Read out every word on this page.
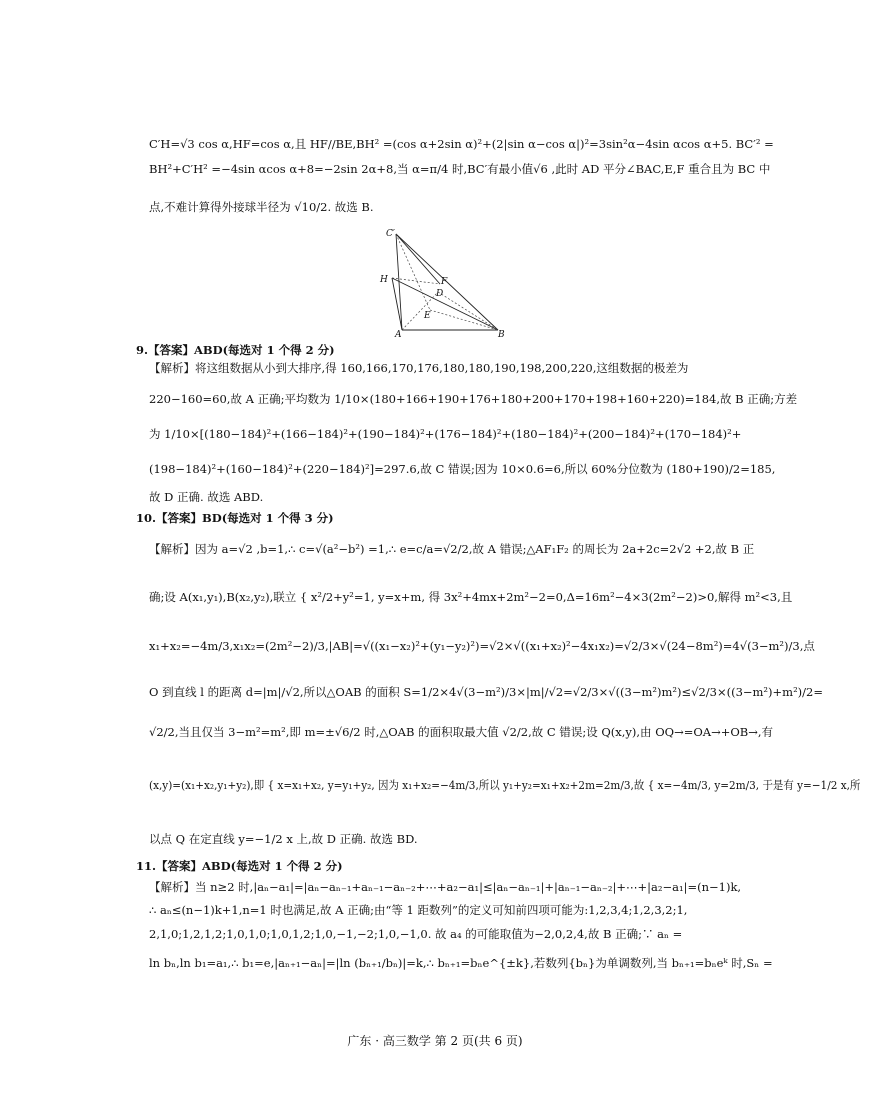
C′H=√3 cos α,HF=cos α,且 HF//BE,BH² =(cos α+2sin α)²+(2|sin α−cos α|)²=3sin²α−4sin αcos α+5. BC′² =
BH²+C′H² =−4sin αcos α+8=−2sin 2α+8,当 α=π/4 时,BC′有最小值√6 ,此时 AD 平分∠BAC,E,F 重合且为 BC 中
点,不难计算得外接球半径为 √10/2. 故选 B.
C′
H	F
D
E
A	B
9.【答案】ABD(每选对 1 个得 2 分)
【解析】将这组数据从小到大排序,得 160,166,170,176,180,180,190,198,200,220,这组数据的极差为
220−160=60,故 A 正确;平均数为 1/10×(180+166+190+176+180+200+170+198+160+220)=184,故 B 正确;方差
为 1/10×[(180−184)²+(166−184)²+(190−184)²+(176−184)²+(180−184)²+(200−184)²+(170−184)²+
(198−184)²+(160−184)²+(220−184)²]=297.6,故 C 错误;因为 10×0.6=6,所以 60%分位数为 (180+190)/2=185,
故 D 正确. 故选 ABD.
10.【答案】BD(每选对 1 个得 3 分)
【解析】因为 a=√2 ,b=1,∴ c=√(a²−b²) =1,∴ e=c/a=√2/2,故 A 错误;△AF₁F₂ 的周长为 2a+2c=2√2 +2,故 B 正
确;设 A(x₁,y₁),B(x₂,y₂),联立 { x²/2+y²=1, y=x+m, 得 3x²+4mx+2m²−2=0,Δ=16m²−4×3(2m²−2)>0,解得 m²<3,且
x₁+x₂=−4m/3,x₁x₂=(2m²−2)/3,|AB|=√((x₁−x₂)²+(y₁−y₂)²)=√2×√((x₁+x₂)²−4x₁x₂)=√2/3×√(24−8m²)=4√(3−m²)/3,点
O 到直线 l 的距离 d=|m|/√2,所以△OAB 的面积 S=1/2×4√(3−m²)/3×|m|/√2=√2/3×√((3−m²)m²)≤√2/3×((3−m²)+m²)/2=
√2/2,当且仅当 3−m²=m²,即 m=±√6/2 时,△OAB 的面积取最大值 √2/2,故 C 错误;设 Q(x,y),由 OQ→=OA→+OB→,有
(x,y)=(x₁+x₂,y₁+y₂),即 { x=x₁+x₂, y=y₁+y₂, 因为 x₁+x₂=−4m/3,所以 y₁+y₂=x₁+x₂+2m=2m/3,故 { x=−4m/3, y=2m/3, 于是有 y=−1/2 x,所
以点 Q 在定直线 y=−1/2 x 上,故 D 正确. 故选 BD.
11.【答案】ABD(每选对 1 个得 2 分)
【解析】当 n≥2 时,|aₙ−a₁|=|aₙ−aₙ₋₁+aₙ₋₁−aₙ₋₂+⋯+a₂−a₁|≤|aₙ−aₙ₋₁|+|aₙ₋₁−aₙ₋₂|+⋯+|a₂−a₁|=(n−1)k,
∴ aₙ≤(n−1)k+1,n=1 时也满足,故 A 正确;由“等 1 距数列”的定义可知前四项可能为:1,2,3,4;1,2,3,2;1,
2,1,0;1,2,1,2;1,0,1,0;1,0,1,2;1,0,−1,−2;1,0,−1,0. 故 a₄ 的可能取值为−2,0,2,4,故 B 正确;∵ aₙ =
ln bₙ,ln b₁=a₁,∴ b₁=e,|aₙ₊₁−aₙ|=|ln (bₙ₊₁/bₙ)|=k,∴ bₙ₊₁=bₙe^{±k},若数列{bₙ}为单调数列,当 bₙ₊₁=bₙeᵏ 时,Sₙ =
广东 · 高三数学 第 2 页(共 6 页)
